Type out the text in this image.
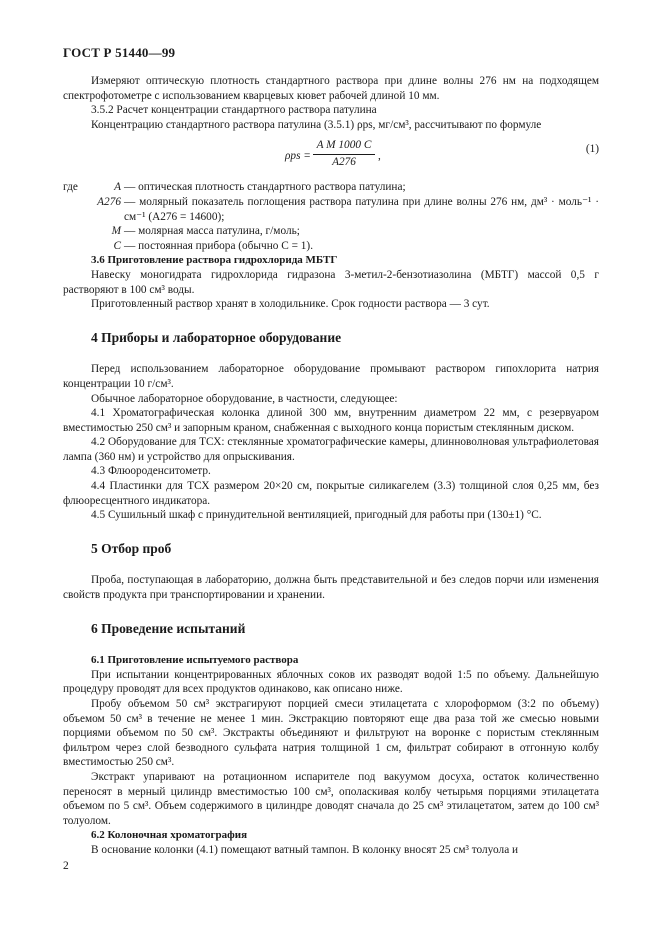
ГОСТ Р 51440—99

Измеряют оптическую плотность стандартного раствора при длине волны 276 нм на подходящем спектрофотометре с использованием кварцевых кювет рабочей длиной 10 мм.

3.5.2 Расчет концентрации стандартного раствора патулина

Концентрацию стандартного раствора патулина (3.5.1) ρps, мг/см³, рассчитывают по формуле

$\rho ps = \frac{\text{A M 1000 C}}{A276}$ ,
(1)
где	A — оптическая плотность стандартного раствора патулина;
A276 — молярный показатель поглощения раствора патулина при длине волны 276 нм, дм³ · моль⁻¹ · см⁻¹ (A276 = 14600);
M — молярная масса патулина, г/моль;
C — постоянная прибора (обычно C = 1).

3.6 Приготовление раствора гидрохлорида МБТГ

Навеску моногидрата гидрохлорида гидразона 3-метил-2-бензотиазолина (МБТГ) массой 0,5 г растворяют в 100 см³ воды.

Приготовленный раствор хранят в холодильнике. Срок годности раствора — 3 сут.

4 Приборы и лабораторное оборудование

Перед использованием лабораторное оборудование промывают раствором гипохлорита натрия концентрации 10 г/см³.

Обычное лабораторное оборудование, в частности, следующее:

4.1 Хроматографическая колонка длиной 300 мм, внутренним диаметром 22 мм, с резервуаром вместимостью 250 см³ и запорным краном, снабженная с выходного конца пористым стеклянным диском.

4.2 Оборудование для ТСХ: стеклянные хроматографические камеры, длинноволновая ультрафиолетовая лампа (360 нм) и устройство для опрыскивания.

4.3 Флюороденситометр.

4.4 Пластинки для ТСХ размером 20×20 см, покрытые силикагелем (3.3) толщиной слоя 0,25 мм, без флюоресцентного индикатора.

4.5 Сушильный шкаф с принудительной вентиляцией, пригодный для работы при (130±1) °С.

5 Отбор проб

Проба, поступающая в лабораторию, должна быть представительной и без следов порчи или изменения свойств продукта при транспортировании и хранении.

6 Проведение испытаний

6.1 Приготовление испытуемого раствора

При испытании концентрированных яблочных соков их разводят водой 1:5 по объему. Дальнейшую процедуру проводят для всех продуктов одинаково, как описано ниже.

Пробу объемом 50 см³ экстрагируют порцией смеси этилацетата с хлороформом (3:2 по объему) объемом 50 см³ в течение не менее 1 мин. Экстракцию повторяют еще два раза той же смесью новыми порциями объемом по 50 см³. Экстракты объединяют и фильтруют на воронке с пористым стеклянным фильтром через слой безводного сульфата натрия толщиной 1 см, фильтрат собирают в отгонную колбу вместимостью 250 см³.

Экстракт упаривают на ротационном испарителе под вакуумом досуха, остаток количественно переносят в мерный цилиндр вместимостью 100 см³, ополаскивая колбу четырьмя порциями этилацетата объемом по 5 см³. Объем содержимого в цилиндре доводят сначала до 25 см³ этилацетатом, затем до 100 см³ толуолом.

6.2 Колоночная хроматография

В основание колонки (4.1) помещают ватный тампон. В колонку вносят 25 см³ толуола и

2
